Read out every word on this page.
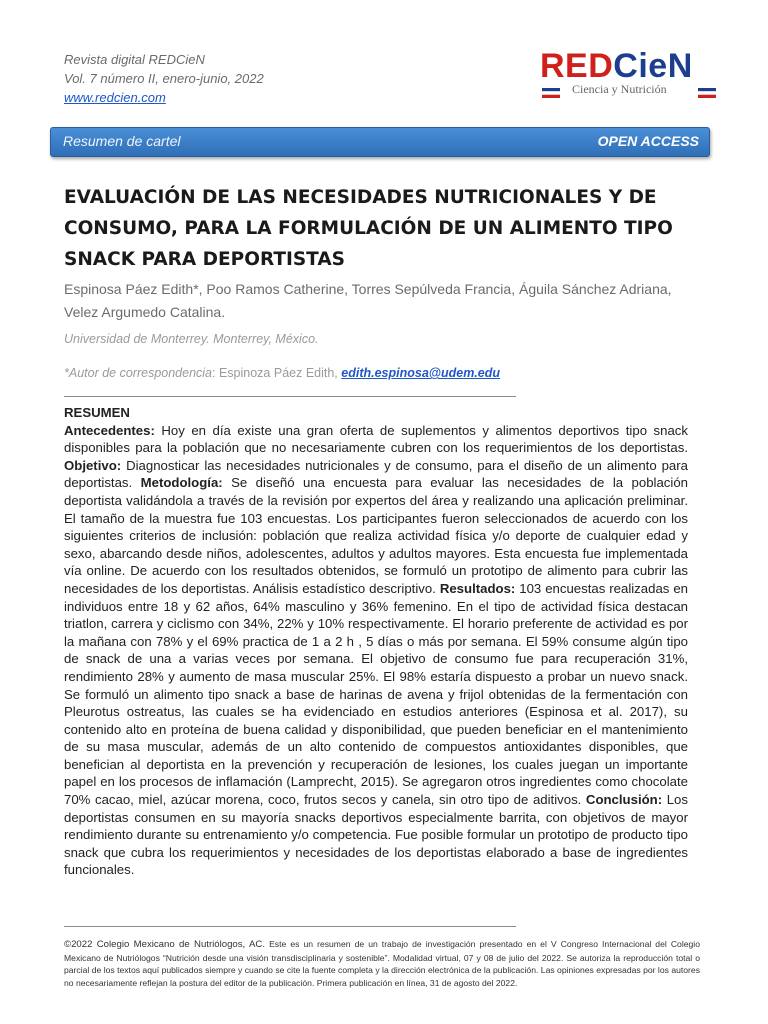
Revista digital REDCieN
Vol. 7 número II, enero-junio, 2022
www.redcien.com
REDCieN
Ciencia y Nutrición
Resumen de cartel	OPEN ACCESS
EVALUACIÓN DE LAS NECESIDADES NUTRICIONALES Y DE CONSUMO, PARA LA FORMULACIÓN DE UN ALIMENTO TIPO SNACK PARA DEPORTISTAS
Espinosa Páez Edith*, Poo Ramos Catherine, Torres Sepúlveda Francia, Águila Sánchez Adriana, Velez Argumedo Catalina.
Universidad de Monterrey. Monterrey, México.
*Autor de correspondencia: Espinoza Páez Edith, edith.espinosa@udem.edu
RESUMEN
Antecedentes: Hoy en día existe una gran oferta de suplementos y alimentos deportivos tipo snack disponibles para la población que no necesariamente cubren con los requerimientos de los deportistas. Objetivo: Diagnosticar las necesidades nutricionales y de consumo, para el diseño de un alimento para deportistas. Metodología: Se diseñó una encuesta para evaluar las necesidades de la población deportista validándola a través de la revisión por expertos del área y realizando una aplicación preliminar. El tamaño de la muestra fue 103 encuestas. Los participantes fueron seleccionados de acuerdo con los siguientes criterios de inclusión: población que realiza actividad física y/o deporte de cualquier edad y sexo, abarcando desde niños, adolescentes, adultos y adultos mayores. Esta encuesta fue implementada vía online. De acuerdo con los resultados obtenidos, se formuló un prototipo de alimento para cubrir las necesidades de los deportistas. Análisis estadístico descriptivo. Resultados: 103 encuestas realizadas en individuos entre 18 y 62 años, 64% masculino y 36% femenino. En el tipo de actividad física destacan triatlon, carrera y ciclismo con 34%, 22% y 10% respectivamente. El horario preferente de actividad es por la mañana con 78% y el 69% practica de 1 a 2 h , 5 días o más por semana. El 59% consume algún tipo de snack de una a varias veces por semana. El objetivo de consumo fue para recuperación 31%, rendimiento 28% y aumento de masa muscular 25%. El 98% estaría dispuesto a probar un nuevo snack. Se formuló un alimento tipo snack a base de harinas de avena y frijol obtenidas de la fermentación con Pleurotus ostreatus, las cuales se ha evidenciado en estudios anteriores (Espinosa et al. 2017), su contenido alto en proteína de buena calidad y disponibilidad, que pueden beneficiar en el mantenimiento de su masa muscular, además de un alto contenido de compuestos antioxidantes disponibles, que benefician al deportista en la prevención y recuperación de lesiones, los cuales juegan un importante papel en los procesos de inflamación (Lamprecht, 2015). Se agregaron otros ingredientes como chocolate 70% cacao, miel, azúcar morena, coco, frutos secos y canela, sin otro tipo de aditivos. Conclusión: Los deportistas consumen en su mayoría snacks deportivos especialmente barrita, con objetivos de mayor rendimiento durante su entrenamiento y/o competencia. Fue posible formular un prototipo de producto tipo snack que cubra los requerimientos y necesidades de los deportistas elaborado a base de ingredientes funcionales.
©2022 Colegio Mexicano de Nutriólogos, AC. Este es un resumen de un trabajo de investigación presentado en el V Congreso Internacional del Colegio Mexicano de Nutriólogos “Nutrición desde una visión transdisciplinaria y sostenible”. Modalidad virtual, 07 y 08 de julio del 2022. Se autoriza la reproducción total o parcial de los textos aquí publicados siempre y cuando se cite la fuente completa y la dirección electrónica de la publicación. Las opiniones expresadas por los autores no necesariamente reflejan la postura del editor de la publicación. Primera publicación en línea, 31 de agosto del 2022.
